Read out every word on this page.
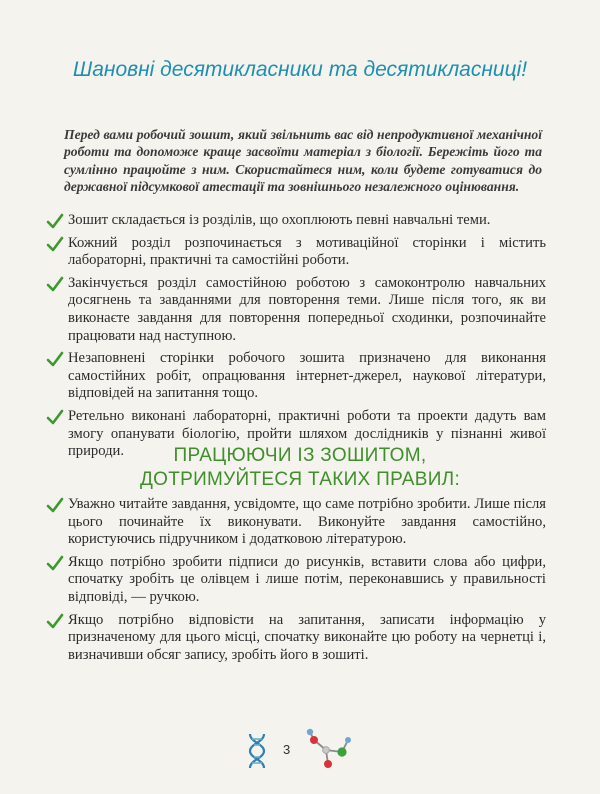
Шановні десятикласники та десятикласниці!
Перед вами робочий зошит, який звільнить вас від непродуктивної механічної роботи та допоможе краще засвоїти матеріал з біології. Бережіть його та сумлінно працюйте з ним. Скористайтеся ним, коли будете готуватися до державної підсумкової атестації та зовнішнього незалежного оцінювання.
Зошит складається із розділів, що охоплюють певні навчальні теми.
Кожний розділ розпочинається з мотиваційної сторінки і містить лабораторні, практичні та самостійні роботи.
Закінчується розділ самостійною роботою з самоконтролю навчальних досягнень та завданнями для повторення теми. Лише після того, як ви виконаєте завдання для повторення попередньої сходинки, розпочинайте працювати над наступною.
Незаповнені сторінки робочого зошита призначено для виконання самостійних робіт, опрацювання інтернет-джерел, наукової літератури, відповідей на запитання тощо.
Ретельно виконані лабораторні, практичні роботи та проекти дадуть вам змогу опанувати біологію, пройти шляхом дослідників у пізнанні живої природи.	ПРАЦЮЮЧИ ІЗ ЗОШИТОМ,
ДОТРИМУЙТЕСЯ ТАКИХ ПРАВИЛ:
Уважно читайте завдання, усвідомте, що саме потрібно зробити. Лише після цього починайте їх виконувати. Виконуйте завдання самостійно, користуючись підручником і додатковою літературою.
Якщо потрібно зробити підписи до рисунків, вставити слова або цифри, спочатку зробіть це олівцем і лише потім, переконавшись у правильності відповіді, — ручкою.
Якщо потрібно відповісти на запитання, записати інформацію у призначеному для цього місці, спочатку виконайте цю роботу на чернетці і, визначивши обсяг запису, зробіть його в зошиті.
3
